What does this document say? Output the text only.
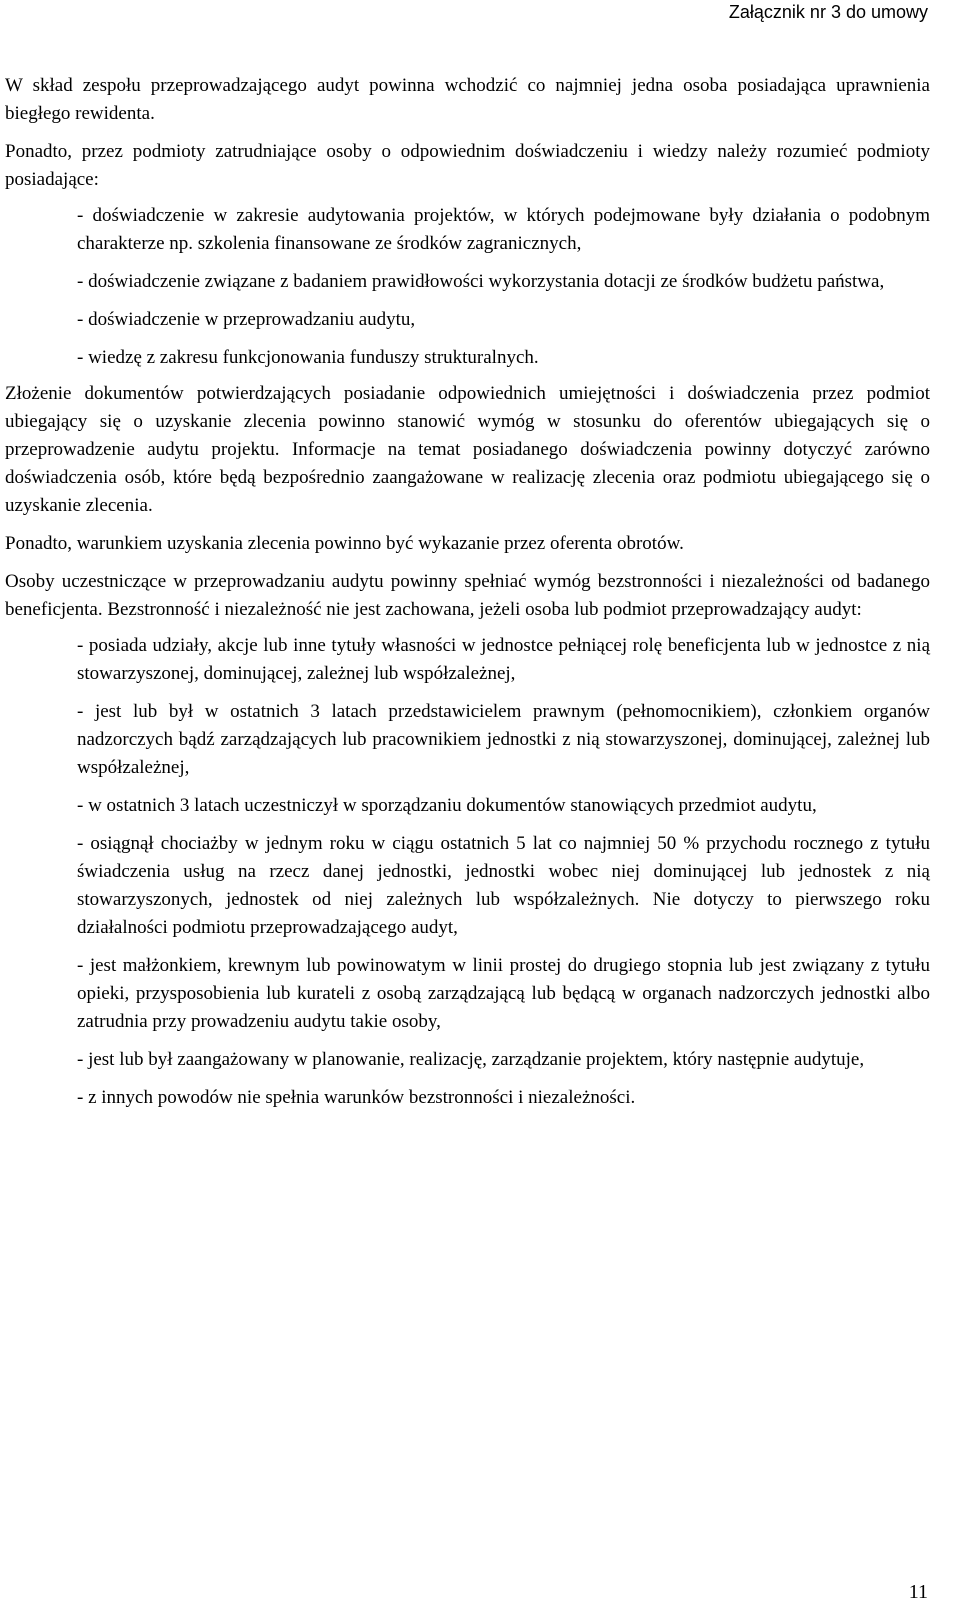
Załącznik nr 3 do umowy

W skład zespołu przeprowadzającego audyt powinna wchodzić co najmniej jedna osoba posiadająca uprawnienia biegłego rewidenta.

Ponadto, przez podmioty zatrudniające osoby o odpowiednim doświadczeniu i wiedzy należy rozumieć podmioty posiadające:

- doświadczenie w zakresie audytowania projektów, w których podejmowane były działania o podobnym charakterze np. szkolenia finansowane ze środków zagranicznych,

- doświadczenie związane z badaniem prawidłowości wykorzystania dotacji ze środków budżetu państwa,

- doświadczenie w przeprowadzaniu audytu,

- wiedzę z zakresu funkcjonowania funduszy strukturalnych.

Złożenie dokumentów potwierdzających posiadanie odpowiednich umiejętności i doświadczenia przez podmiot ubiegający się o uzyskanie zlecenia powinno stanowić wymóg w stosunku do oferentów ubiegających się o przeprowadzenie audytu projektu. Informacje na temat posiadanego doświadczenia powinny dotyczyć zarówno doświadczenia osób, które będą bezpośrednio zaangażowane w realizację zlecenia oraz podmiotu ubiegającego się o uzyskanie zlecenia.

Ponadto, warunkiem uzyskania zlecenia powinno być wykazanie przez oferenta obrotów.

Osoby uczestniczące w przeprowadzaniu audytu powinny spełniać wymóg bezstronności i niezależności od badanego beneficjenta. Bezstronność i niezależność nie jest zachowana, jeżeli osoba lub podmiot przeprowadzający audyt:

- posiada udziały, akcje lub inne tytuły własności w jednostce pełniącej rolę beneficjenta lub w jednostce z nią stowarzyszonej, dominującej, zależnej lub współzależnej,

- jest lub był w ostatnich 3 latach przedstawicielem prawnym (pełnomocnikiem), członkiem organów nadzorczych bądź zarządzających lub pracownikiem jednostki z nią stowarzyszonej, dominującej, zależnej lub współzależnej,

- w ostatnich 3 latach uczestniczył w sporządzaniu dokumentów stanowiących przedmiot audytu,

- osiągnął chociażby w jednym roku w ciągu ostatnich 5 lat co najmniej 50 % przychodu rocznego z tytułu świadczenia usług na rzecz danej jednostki, jednostki wobec niej dominującej lub jednostek z nią stowarzyszonych, jednostek od niej zależnych lub współzależnych. Nie dotyczy to pierwszego roku działalności podmiotu przeprowadzającego audyt,

- jest małżonkiem, krewnym lub powinowatym w linii prostej do drugiego stopnia lub jest związany z tytułu opieki, przysposobienia lub kurateli z osobą zarządzającą lub będącą w organach nadzorczych jednostki albo zatrudnia przy prowadzeniu audytu takie osoby,

- jest lub był zaangażowany w planowanie, realizację, zarządzanie projektem, który następnie audytuje,

- z innych powodów nie spełnia warunków bezstronności i niezależności.

11
